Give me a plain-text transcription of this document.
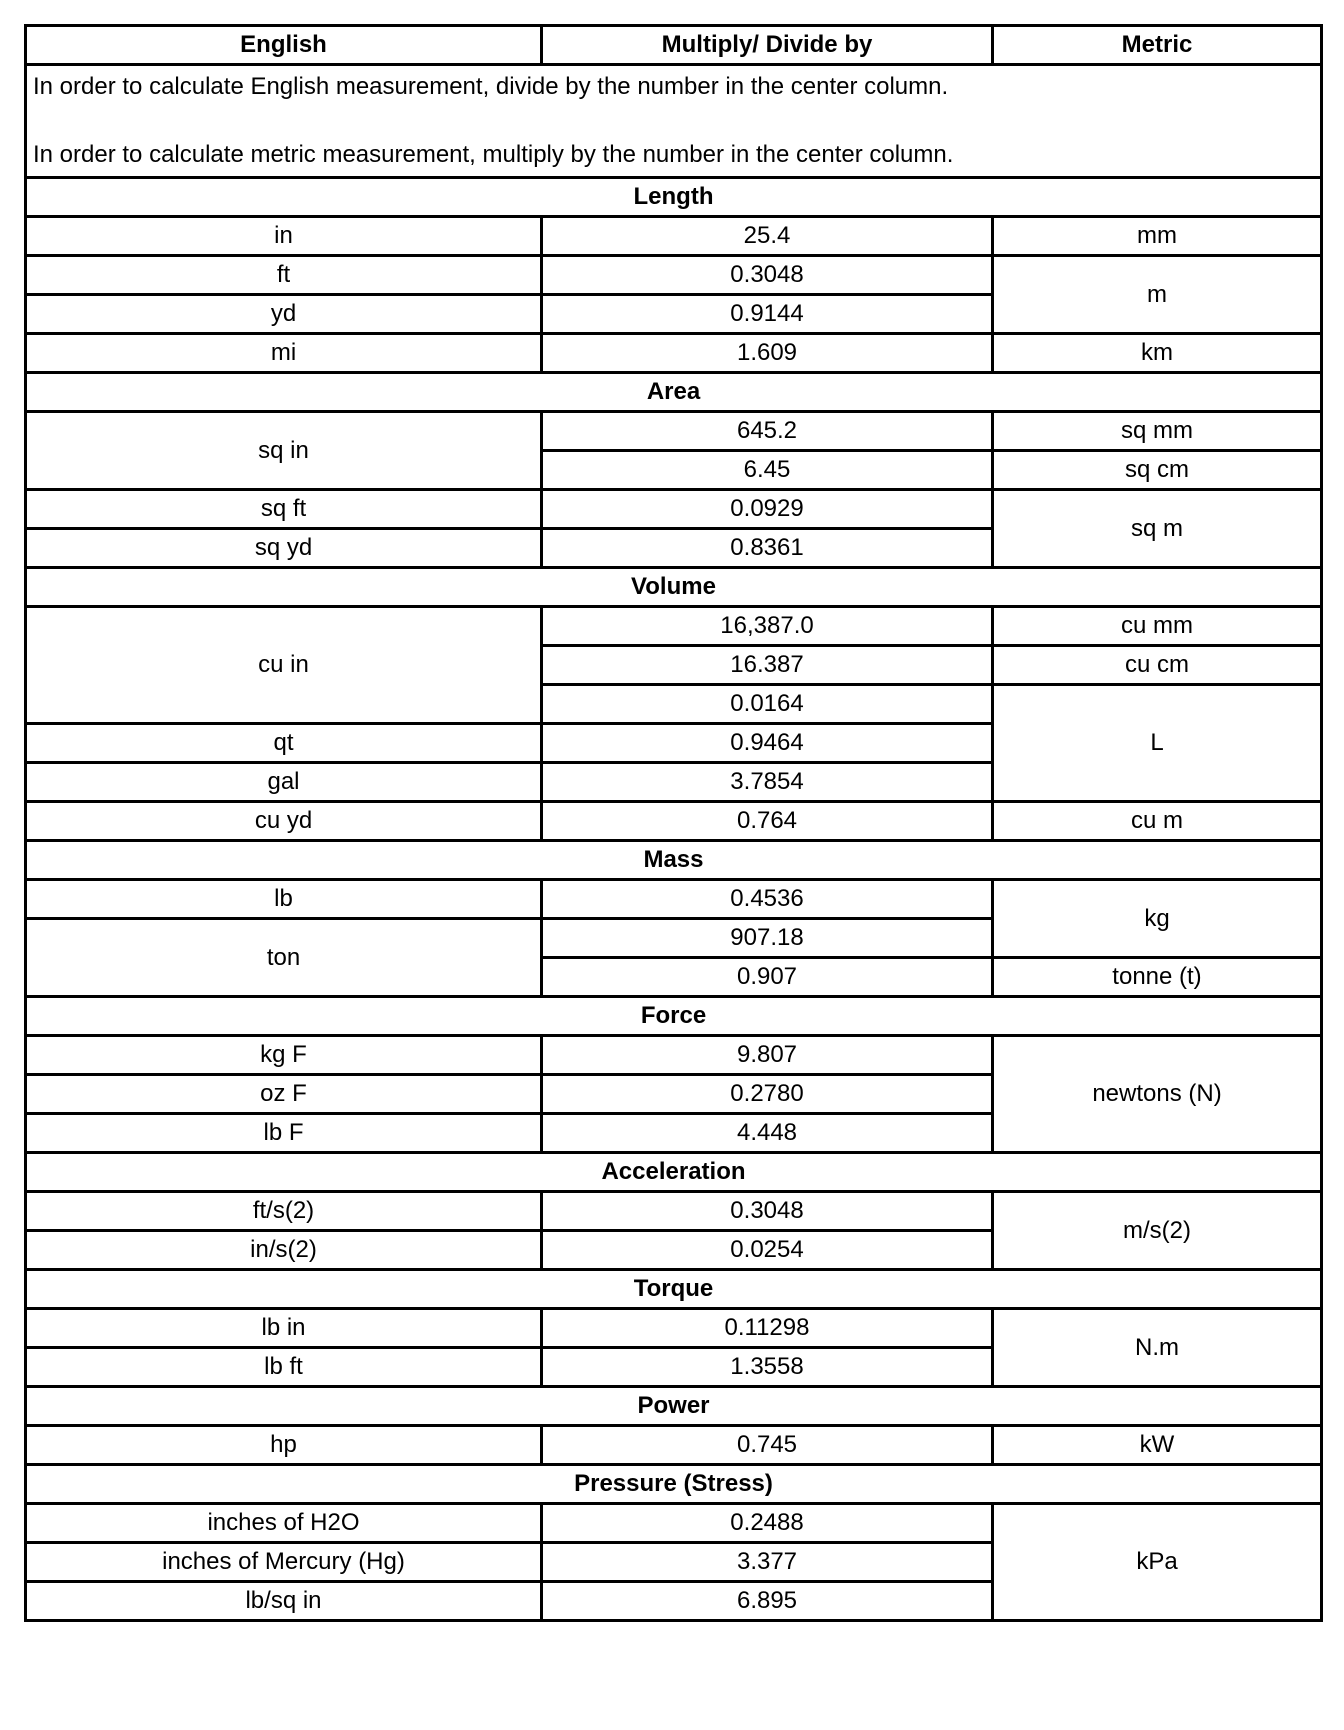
English	Multiply/ Divide by	Metric

In order to calculate English measurement, divide by the number in the center column.
In order to calculate metric measurement, multiply by the number in the center column.		

Length		
in	25.4	mm
ft	0.3048	m
yd	0.9144	
mi	1.609	km
Area		
sq in	645.2	sq mm
	6.45	sq cm
sq ft	0.0929	sq m
sq yd	0.8361	
Volume		
cu in	16,387.0	cu mm
	16.387	cu cm
	0.0164	L
qt	0.9464	
gal	3.7854	
cu yd	0.764	cu m
Mass		
lb	0.4536	kg
ton	907.18	
	0.907	tonne (t)
Force		
kg F	9.807	newtons (N)
oz F	0.2780	
lb F	4.448	
Acceleration		
ft/s(2)	0.3048	m/s(2)
in/s(2)	0.0254	
Torque		
lb in	0.11298	N.m
lb ft	1.3558	
Power		
hp	0.745	kW
Pressure (Stress)		
inches of H2O	0.2488	kPa
inches of Mercury (Hg)	3.377	
lb/sq in	6.895	
